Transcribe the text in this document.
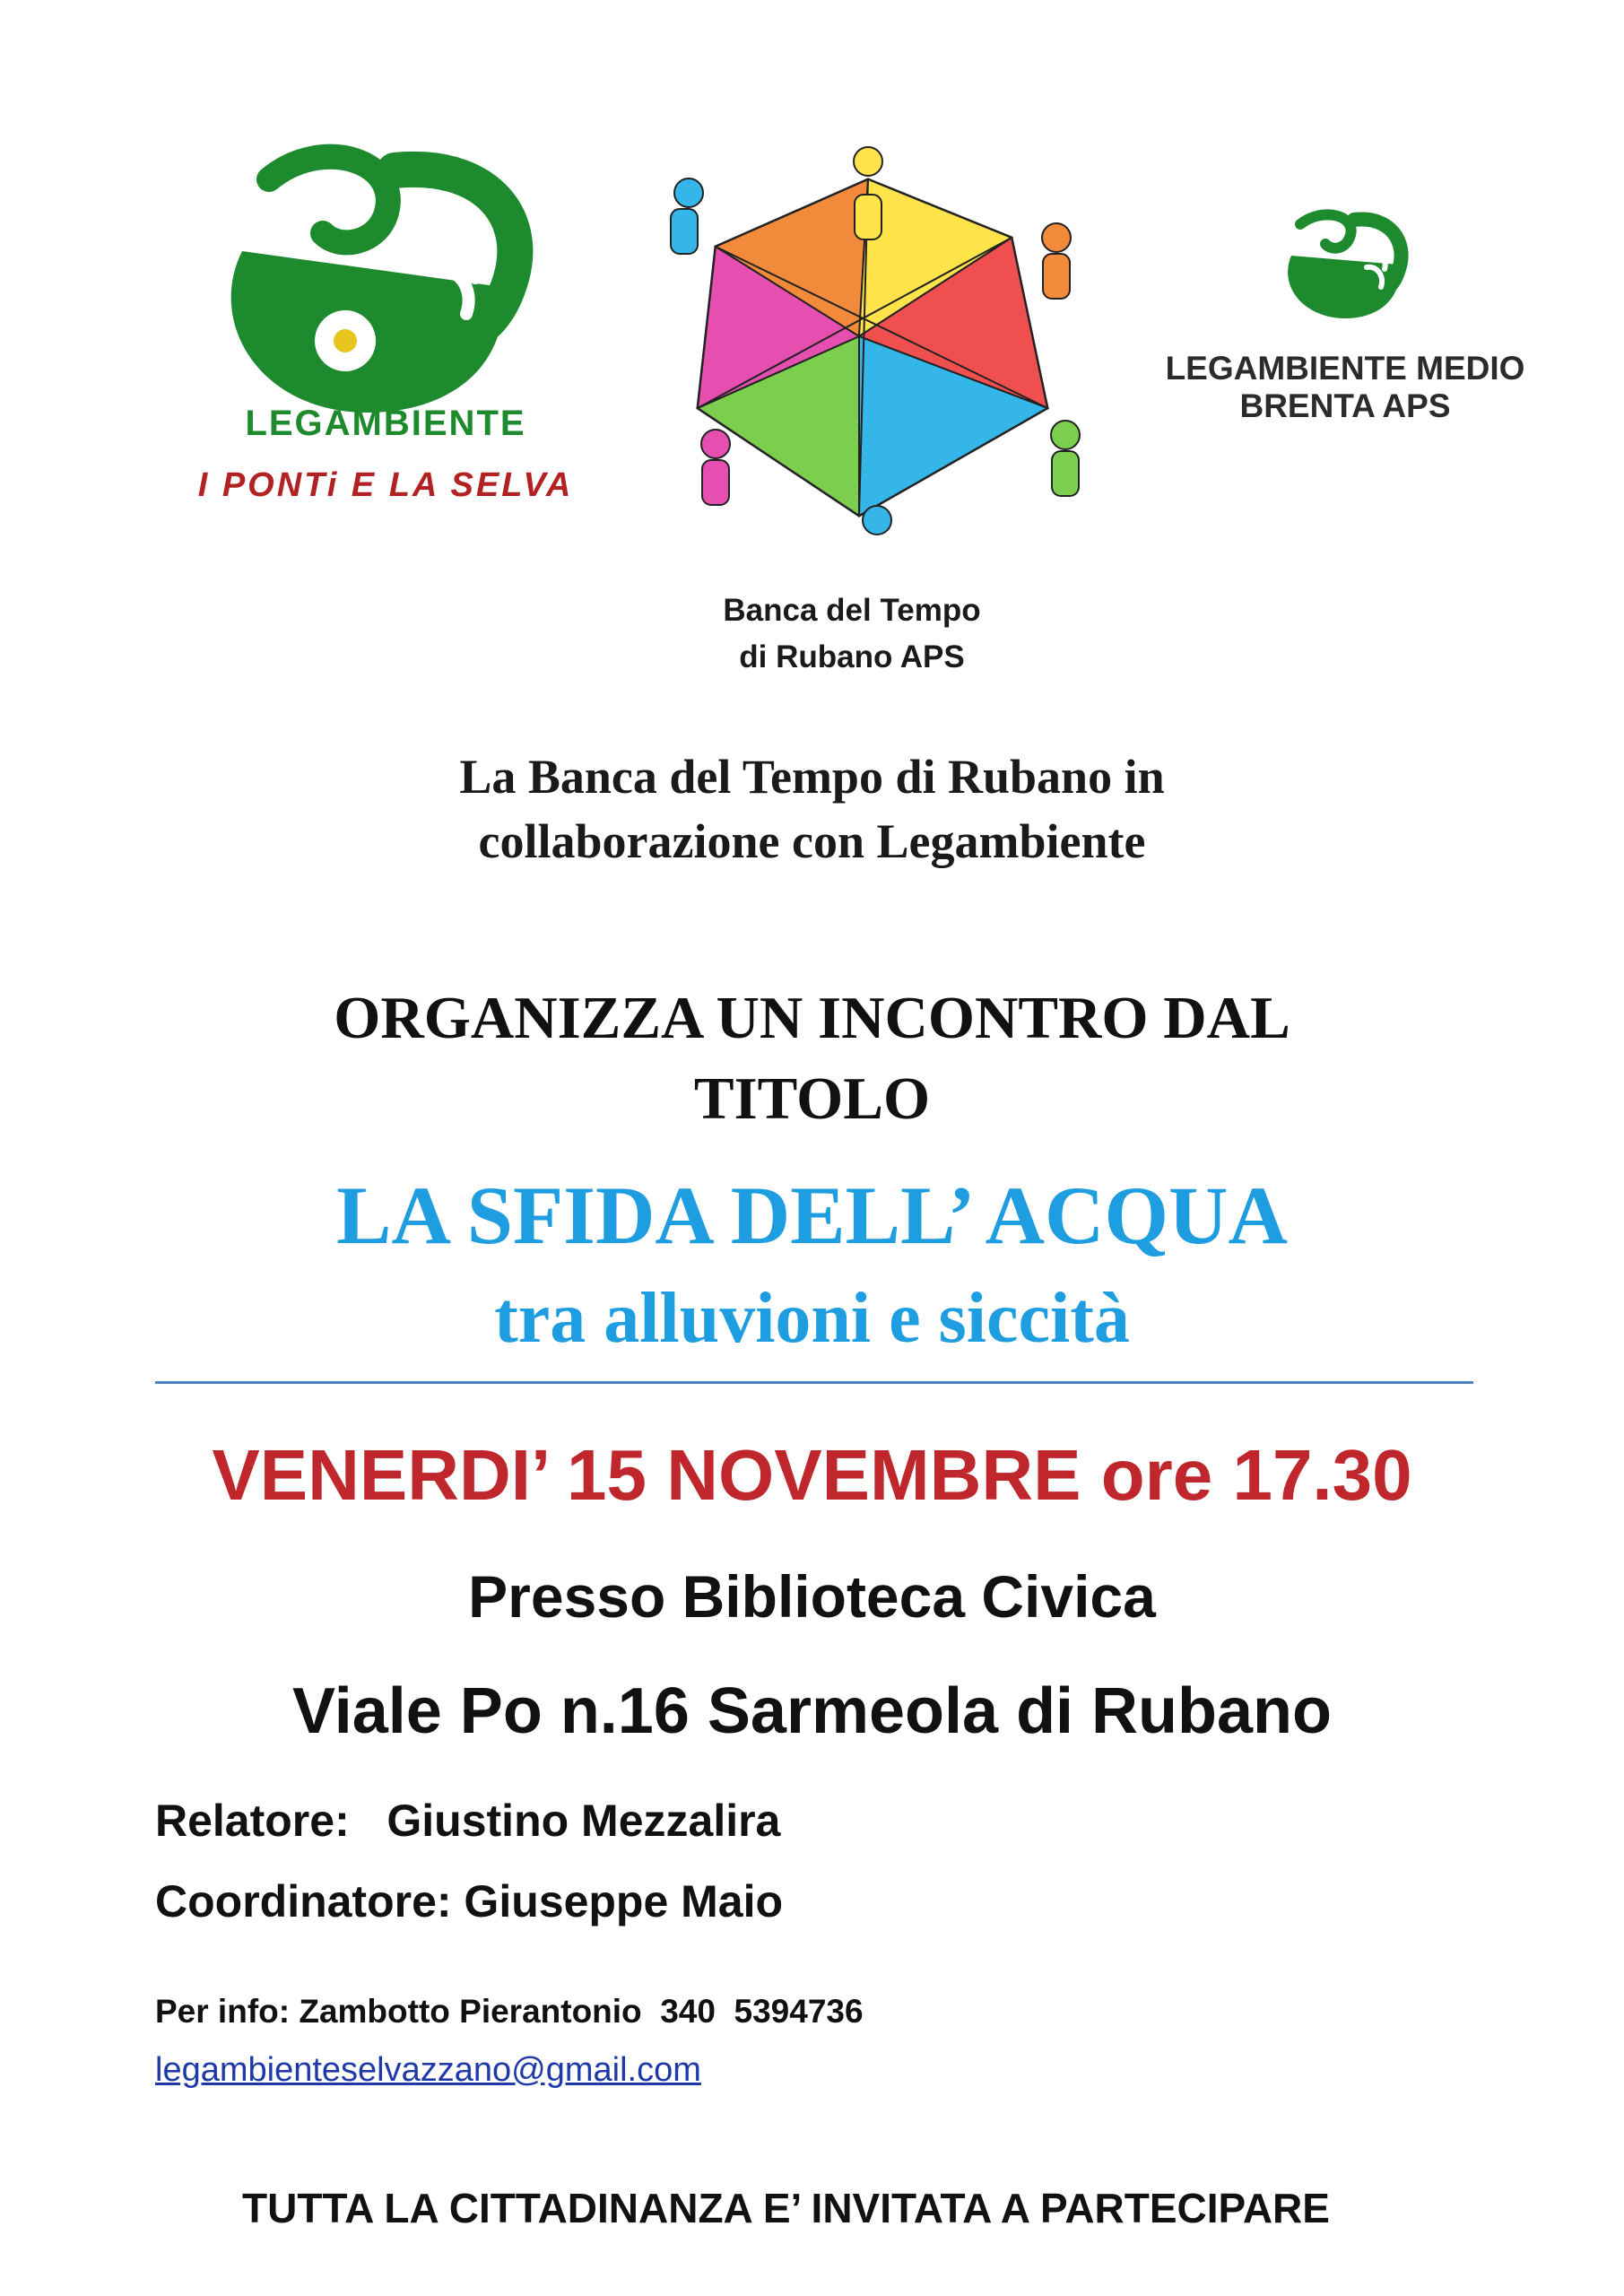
LEGAMBIENTE
I PONTi E LA SELVA
LEGAMBIENTE MEDIO BRENTA APS
Banca del Tempo
di Rubano APS
La Banca del Tempo di Rubano in
collaborazione con Legambiente
ORGANIZZA UN INCONTRO DAL
TITOLO
LA SFIDA DELL’ ACQUA
tra alluvioni e siccità
VENERDI’ 15 NOVEMBRE ore 17.30
Presso Biblioteca Civica
Viale Po n.16 Sarmeola di Rubano
Relatore:   Giustino Mezzalira
Coordinatore: Giuseppe Maio
Per info: Zambotto Pierantonio  340  5394736
legambienteselvazzano@gmail.com
TUTTA LA CITTADINANZA E’ INVITATA A PARTECIPARE
